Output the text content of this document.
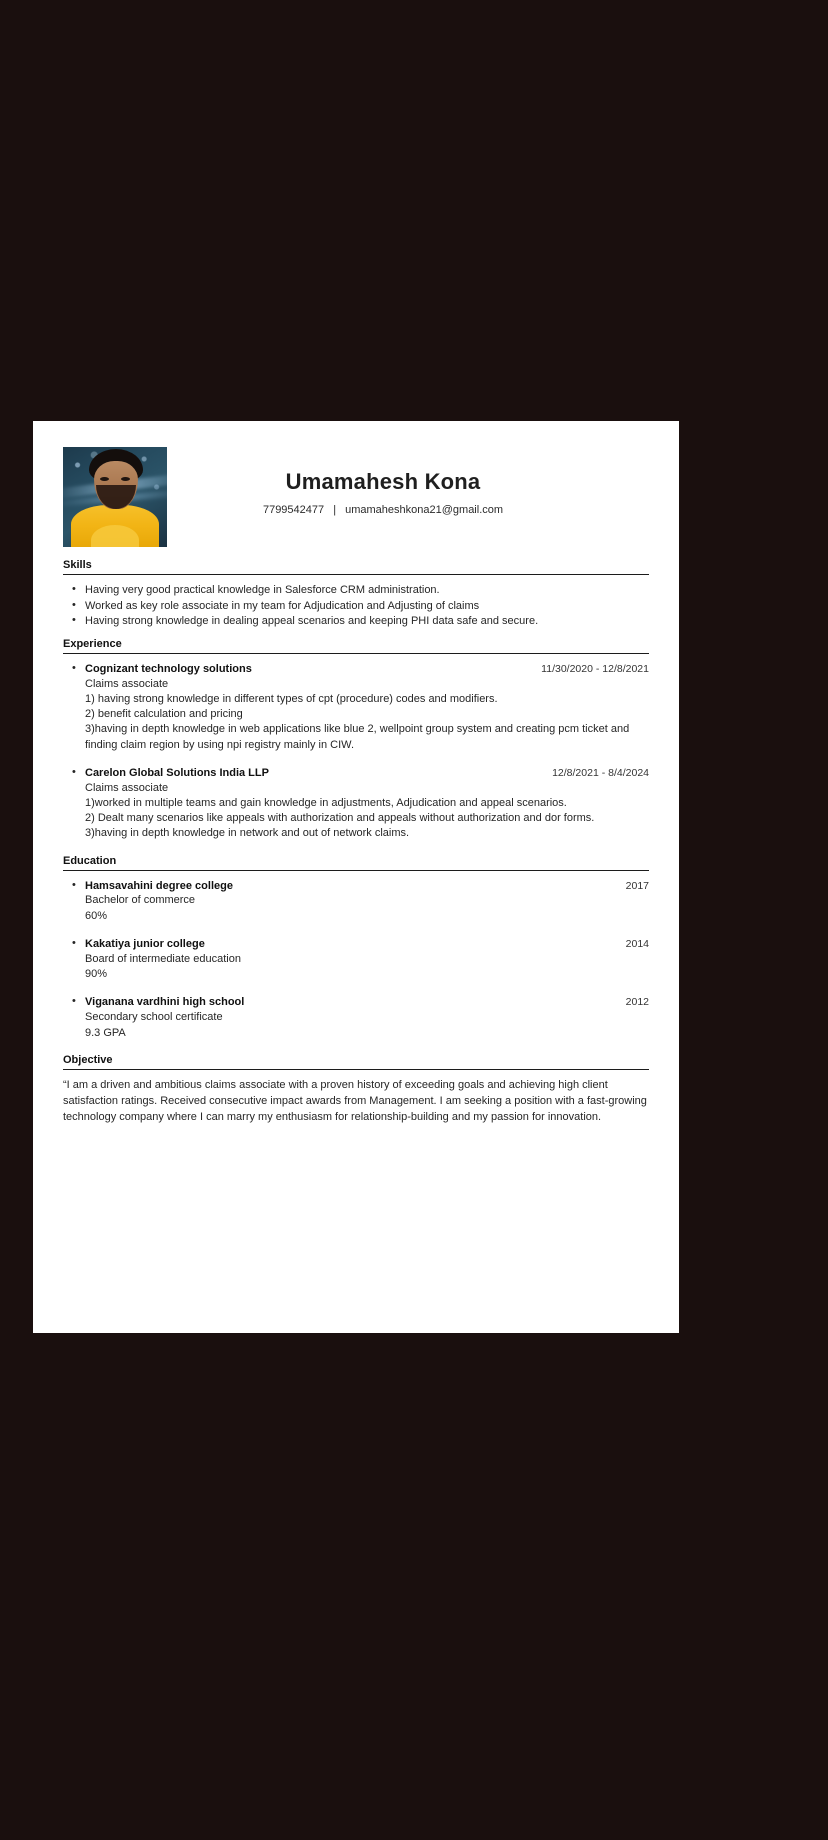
Umamahesh Kona
7799542477 | umamaheshkona21@gmail.com
Skills
• Having very good practical knowledge in Salesforce CRM administration.
• Worked as key role associate in my team for Adjudication and Adjusting of claims
• Having strong knowledge in dealing appeal scenarios and keeping PHI data safe and secure.
Experience
• Cognizant technology solutions	11/30/2020 - 12/8/2021
Claims associate
1) having strong knowledge in different types of cpt (procedure) codes and modifiers.
2) benefit calculation and pricing
3)having in depth knowledge in web applications like blue 2, wellpoint group system and creating pcm ticket and finding claim region by using npi registry mainly in CIW.
• Carelon Global Solutions India LLP	12/8/2021 - 8/4/2024
Claims associate
1)worked in multiple teams and gain knowledge in adjustments, Adjudication and appeal scenarios.
2) Dealt many scenarios like appeals with authorization and appeals without authorization and dor forms.
3)having in depth knowledge in network and out of network claims.
Education
• Hamsavahini degree college	2017
Bachelor of commerce
60%
• Kakatiya junior college	2014
Board of intermediate education
90%
• Viganana vardhini high school	2012
Secondary school certificate
9.3 GPA
Objective
“I am a driven and ambitious claims associate with a proven history of exceeding goals and achieving high client satisfaction ratings. Received consecutive impact awards from Management. I am seeking a position with a fast-growing technology company where I can marry my enthusiasm for relationship-building and my passion for innovation.
